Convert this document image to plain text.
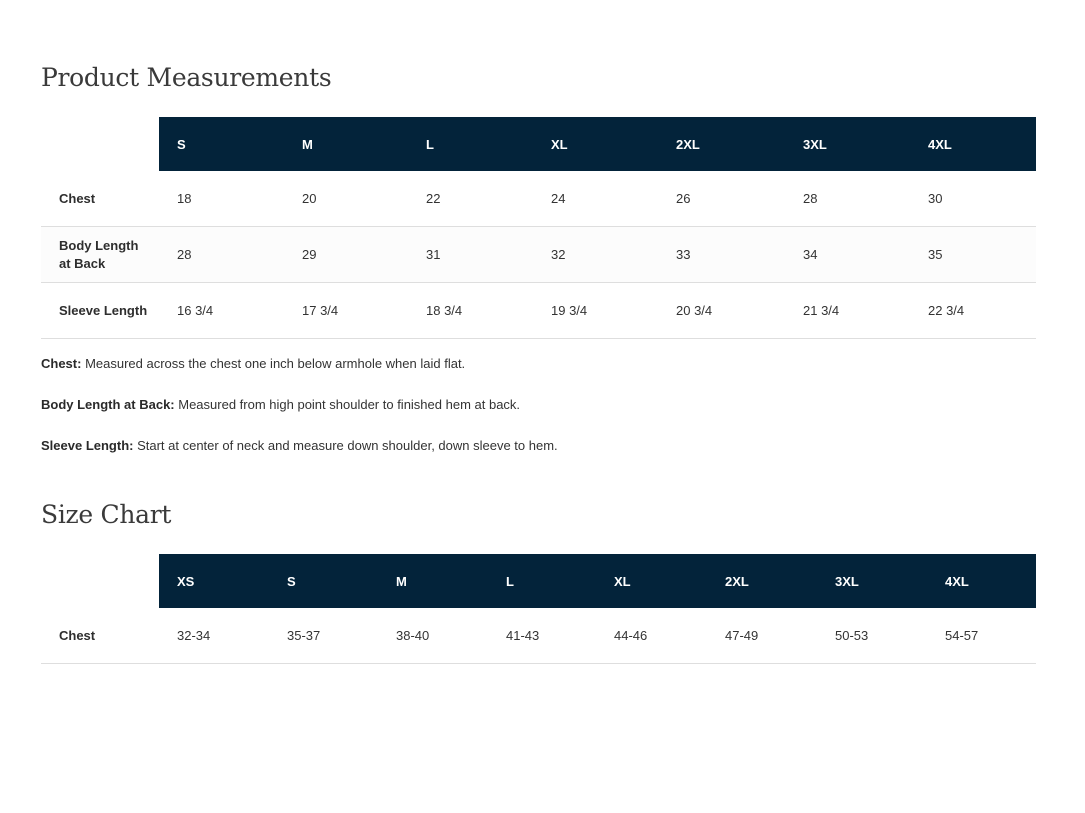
Product Measurements
	S	M	L	XL	2XL	3XL	4XL
Chest	18	20	22	24	26	28	30
Body Length at Back	28	29	31	32	33	34	35
Sleeve Length	16 3/4	17 3/4	18 3/4	19 3/4	20 3/4	21 3/4	22 3/4

Chest: Measured across the chest one inch below armhole when laid flat.

Body Length at Back: Measured from high point shoulder to finished hem at back.

Sleeve Length: Start at center of neck and measure down shoulder, down sleeve to hem.

Size Chart
	XS	S	M	L	XL	2XL	3XL	4XL
Chest	32-34	35-37	38-40	41-43	44-46	47-49	50-53	54-57
